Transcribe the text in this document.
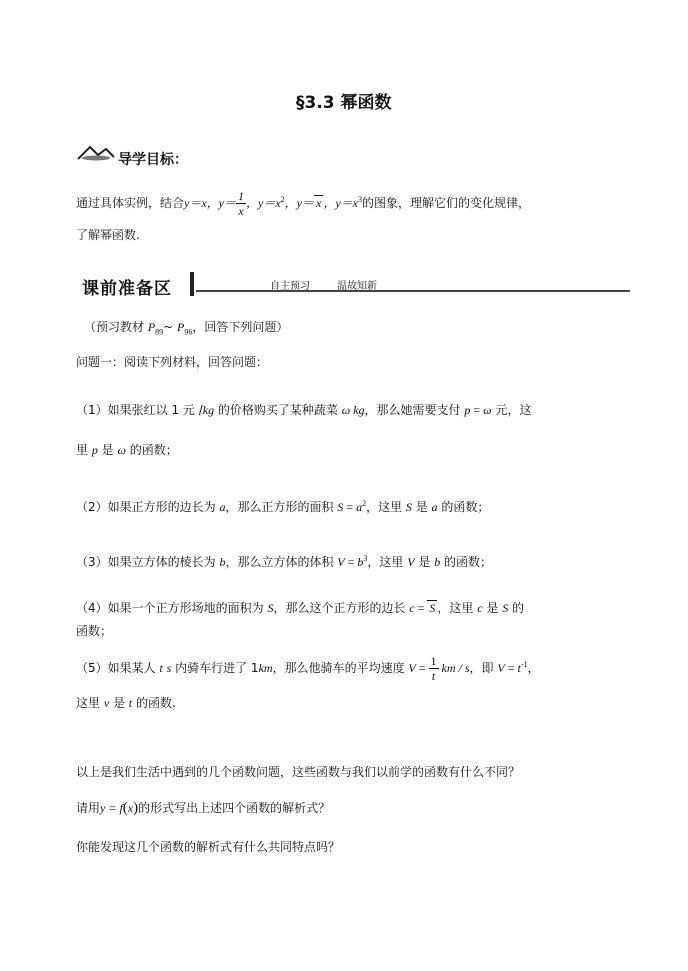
§3.3 幂函数
导学目标：
通过具体实例，结合y＝x，$y= \frac{1}{x}$ ，$y=x^2$，y＝ x ，$y=x^3$的图象，理解它们的变化规律，
了解幂函数.
课前准备区	自主预习	温故知新
（预习教材 $P_{89}\sim$ $P_{96}$，回答下列问题）
问题一：阅读下列材料，回答问题：
（1）如果张红以 1 元 /kg 的价格购买了某种蔬菜 ω kg，那么她需要支付 p = ω 元，这
里 p 是 ω 的函数；
（2）如果正方形的边长为 a，那么正方形的面积 $S = a^2$，这里 S 是 a 的函数；
（3）如果立方体的棱长为 b，那么立方体的体积 $V = b^3$，这里 V 是 b 的函数；
（4）如果一个正方形场地的面积为 S，那么这个正方形的边长 c = S ，这里 c 是 S 的
函数；
（5）如果某人 t s 内骑车行进了 1km，那么他骑车的平均速度 $V = \frac{1}{t}$ km / s，即 $V = t^{-1}$，
这里 v 是 t 的函数.
以上是我们生活中遇到的几个函数问题，这些函数与我们以前学的函数有什么不同？
请用y = f(x)的形式写出上述四个函数的解析式？
你能发现这几个函数的解析式有什么共同特点吗？
